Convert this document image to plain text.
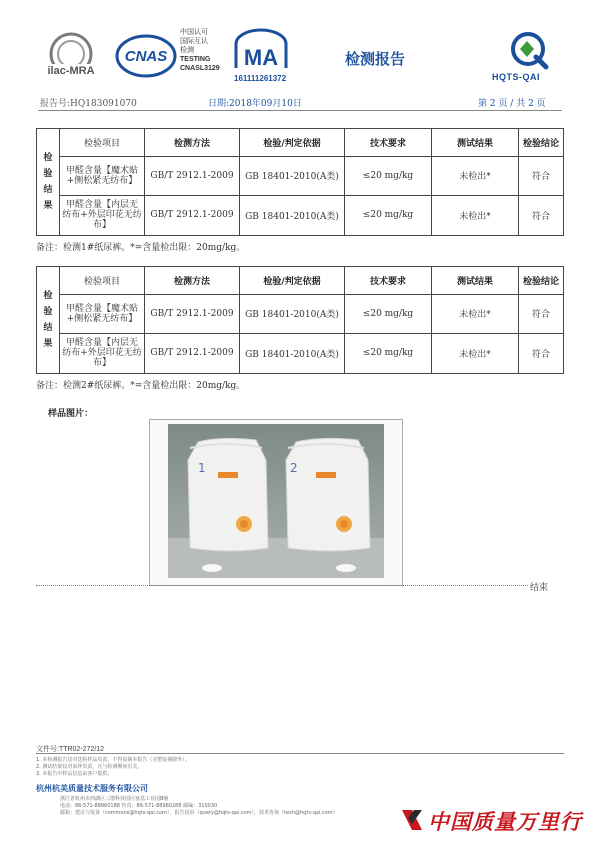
ilac-MRA
CNAS
中国认可
国际互认
检测
TESTING
CNASL3129 MA
161111261372
检测报告
HQTS-QAI
报告号:HQ183091070	日期:2018年09月10日	第 2 页 / 共 2 页
检
验
结
果	检验项目	检测方法	检验/判定依据	技术要求	测试结果	检验结论
	甲醛含量【魔术贴+侧松紧无纺布】	GB/T 2912.1-2009	GB 18401-2010(A类)	≤20 mg/kg	未检出*	符合
	甲醛含量【内层无纺布+外层印花无纺布】	GB/T 2912.1-2009	GB 18401-2010(A类)	≤20 mg/kg	未检出*	符合
备注：检测1#纸尿裤。*=含量检出限：20mg/kg。
检
验
结
果	检验项目	检测方法	检验/判定依据	技术要求	测试结果	检验结论
	甲醛含量【魔术贴+侧松紧无纺布】	GB/T 2912.1-2009	GB 18401-2010(A类)	≤20 mg/kg	未检出*	符合
	甲醛含量【内层无纺布+外层印花无纺布】	GB/T 2912.1-2009	GB 18401-2010(A类)	≤20 mg/kg	未检出*	符合
备注：检测2#纸尿裤。*=含量检出限：20mg/kg。
样品图片：
1	2
结束
文件号:TTR02-272/12
1. 本检测报告仅对送检样品负责，不得复制本报告（完整复制除外）。
2. 测试结果仅对来样负责，且与检测期间有关。
3. 本报告中样品信息由客户提供。
杭州杭美质量技术服务有限公司
浙江省杭州市西湖区三墩科技园区塞基工业园B幢
电话：86-571-88960188 传真：86-571-88960288 邮编：310030
邮箱：建议与投诉（commons@hqts-qai.com），报告投诉（query@hqts-qai.com），技术咨询（tech@hqts-qai.com）	中国质量万里行
